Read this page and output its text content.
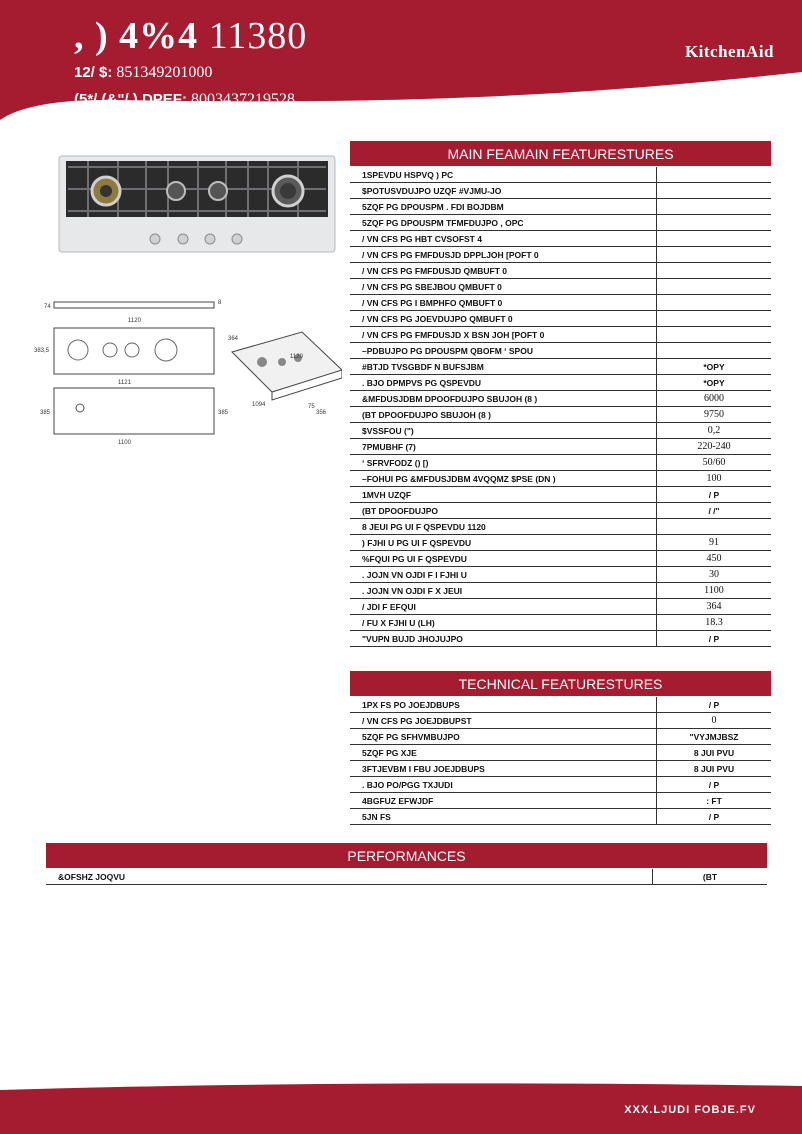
, ) 4%4 11380
12/ $: 851349201000
(5*/ (&"/ ) DPEF: 8003437219528
KitchenAid
74
8
1120
383,5
1121
385	385
1100
364
1120
1094
356
75
MAIN FEAMAIN FEATURESTURES
1SPEVDU HSPVQ ) PC	
$POTUSVDUJPO UZQF #VJMU-JO	
5ZQF PG DPOUSPM . FDI BOJDBM	
5ZQF PG DPOUSPM TFMFDUJPO , OPC	
/ VN CFS PG HBT CVSOFST 4	
/ VN CFS PG FMFDUSJD DPPLJOH [POFT 0	
/ VN CFS PG FMFDUSJD QMBUFT 0	
/ VN CFS PG SBEJBOU QMBUFT 0	
/ VN CFS PG I BMPHFO QMBUFT 0	
/ VN CFS PG JOEVDUJPO QMBUFT 0	
/ VN CFS PG FMFDUSJD X BSN JOH [POFT 0	
–PDBUJPO PG DPOUSPM QBOFM ‘ SPOU	
#BTJD TVSGBDF N BUFSJBM	*OPY
. BJO DPMPVS PG QSPEVDU	*OPY
&MFDUSJDBM DPOOFDUJPO SBUJOH (8 )	6000
(BT DPOOFDUJPO SBUJOH (8 )	9750
$VSSFOU (")	0,2
7PMUBHF (7)	220-240
‘ SFRVFODZ () [)	50/60
–FOHUI PG &MFDUSJDBM 4VQQMZ $PSE (DN )	100
1MVH UZQF	/ P
(BT DPOOFDUJPO	/ /"
8 JEUI PG UI F QSPEVDU 1120	
) FJHI U PG UI F QSPEVDU	91
%FQUI PG UI F QSPEVDU	450
. JOJN VN OJDI F I FJHI U	30
. JOJN VN OJDI F X JEUI	1100
/ JDI F EFQUI	364
/ FU X FJHI U (LH)	18.3
"VUPN BUJD JHOJUJPO	/ P
TECHNICAL FEATURESTURES
1PX FS PO JOEJDBUPS	/ P
/ VN CFS PG JOEJDBUPST	0
5ZQF PG SFHVMBUJPO	"VYJMJBSZ
5ZQF PG XJE	8 JUI PVU
3FTJEVBM I FBU JOEJDBUPS	8 JUI PVU
. BJO PO/PGG TXJUDI	/ P
4BGFUZ EFWJDF	: FT
5JN FS	/ P
PERFORMANCES
&OFSHZ JOQVU	(BT
XXX.LJUDI FOBJE.FV
